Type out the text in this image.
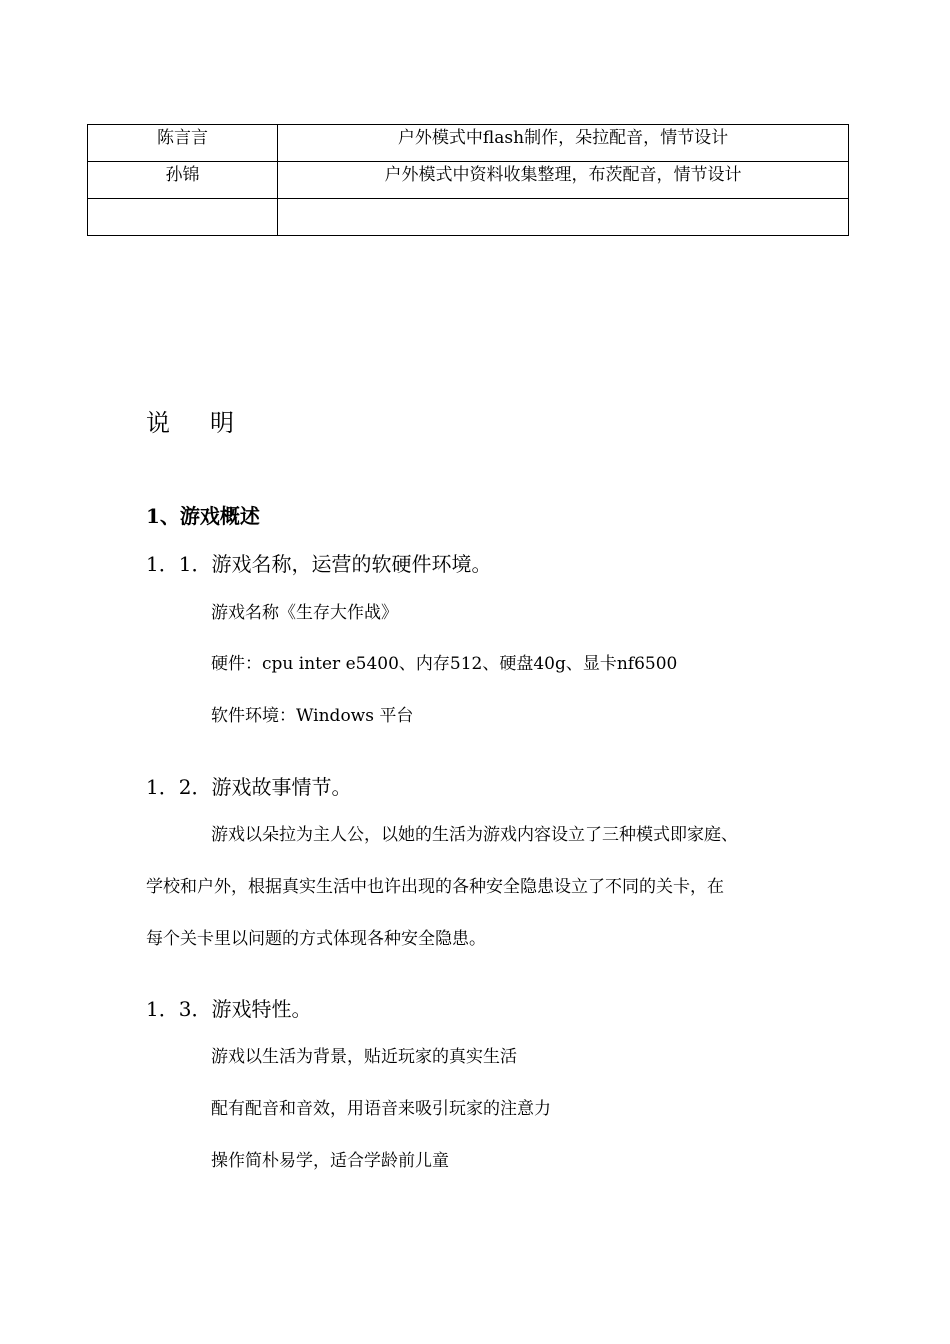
陈言言	户外模式中flash制作，朵拉配音，情节设计
孙锦	户外模式中资料收集整理，布茨配音，情节设计

说明
1、游戏概述
1．1．游戏名称，运营的软硬件环境。

游戏名称《生存大作战》

硬件：cpu inter e5400、内存512、硬盘40g、显卡nf6500

软件环境：Windows 平台

1．2．游戏故事情节。

游戏以朵拉为主人公，以她的生活为游戏内容设立了三种模式即家庭、

学校和户外，根据真实生活中也许出现的各种安全隐患设立了不同的关卡，在

每个关卡里以问题的方式体现各种安全隐患。

1．3．游戏特性。

游戏以生活为背景，贴近玩家的真实生活

配有配音和音效，用语音来吸引玩家的注意力

操作简朴易学，适合学龄前儿童
